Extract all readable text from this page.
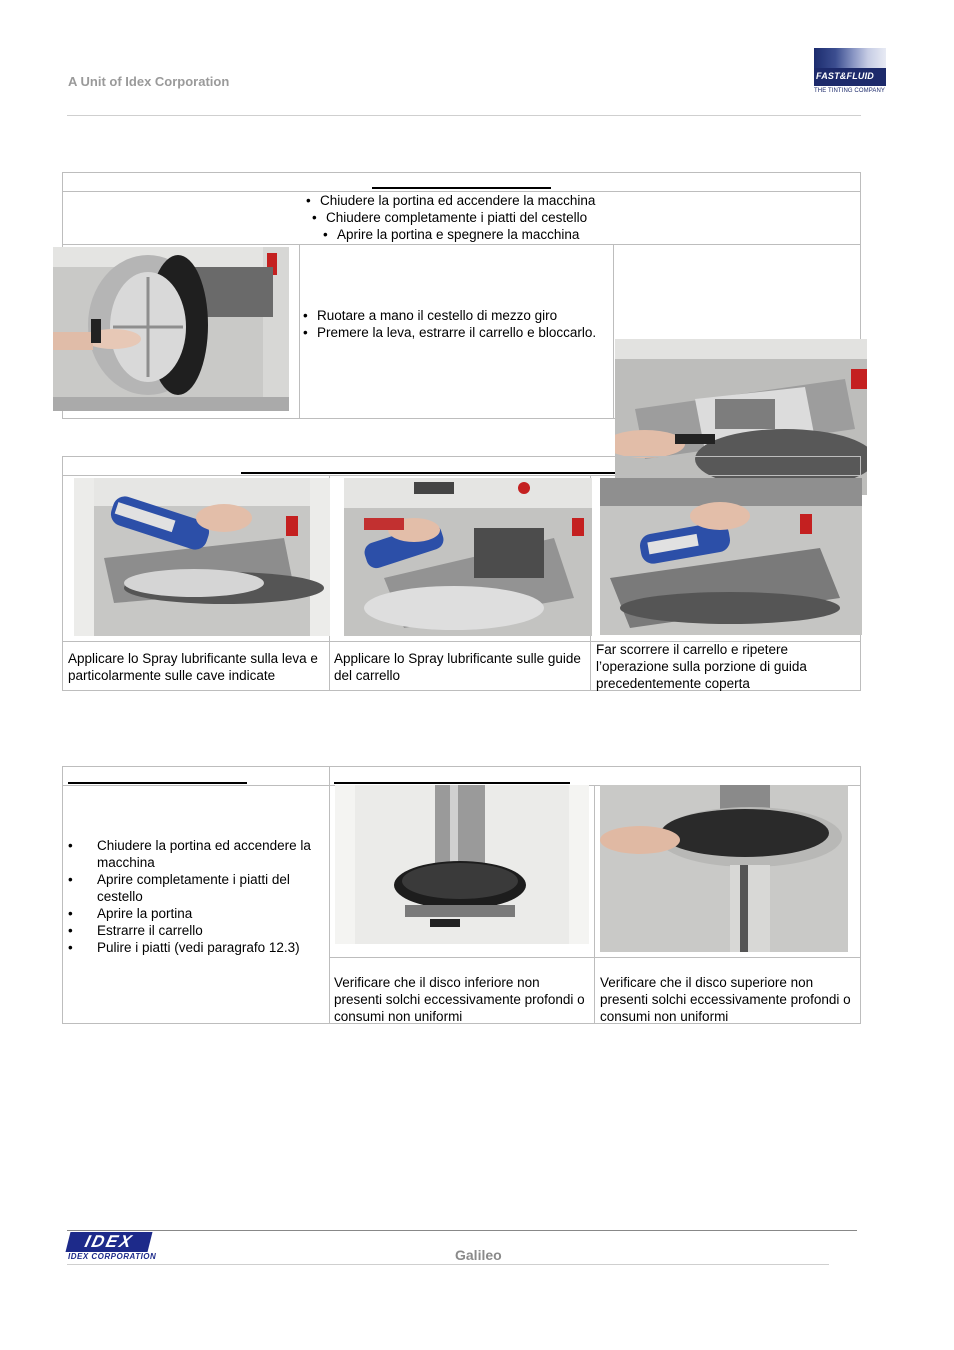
A Unit of Idex Corporation	FAST&FLUID
THE TINTING COMPANY
• Chiudere la portina ed accendere la macchina
• Chiudere completamente i piatti del cestello
• Aprire la portina e spegnere la macchina
• Ruotare a mano il cestello di mezzo giro
• Premere la leva, estrarre il carrello e bloccarlo.
Applicare lo Spray lubrificante sulla leva e particolarmente sulle cave indicate
Applicare lo Spray lubrificante sulle guide del carrello
Far scorrere il carrello e ripetere l’operazione sulla porzione di guida precedentemente coperta
• Chiudere la portina ed accendere la macchina
• Aprire completamente i piatti del cestello
• Aprire la portina
• Estrarre il carrello
• Pulire i piatti (vedi paragrafo 12.3)
Verificare che il disco inferiore non presenti solchi eccessivamente profondi o consumi non uniformi
Verificare che il disco superiore non presenti solchi eccessivamente profondi o consumi non uniformi
IDEX
IDEX CORPORATION	Galileo
